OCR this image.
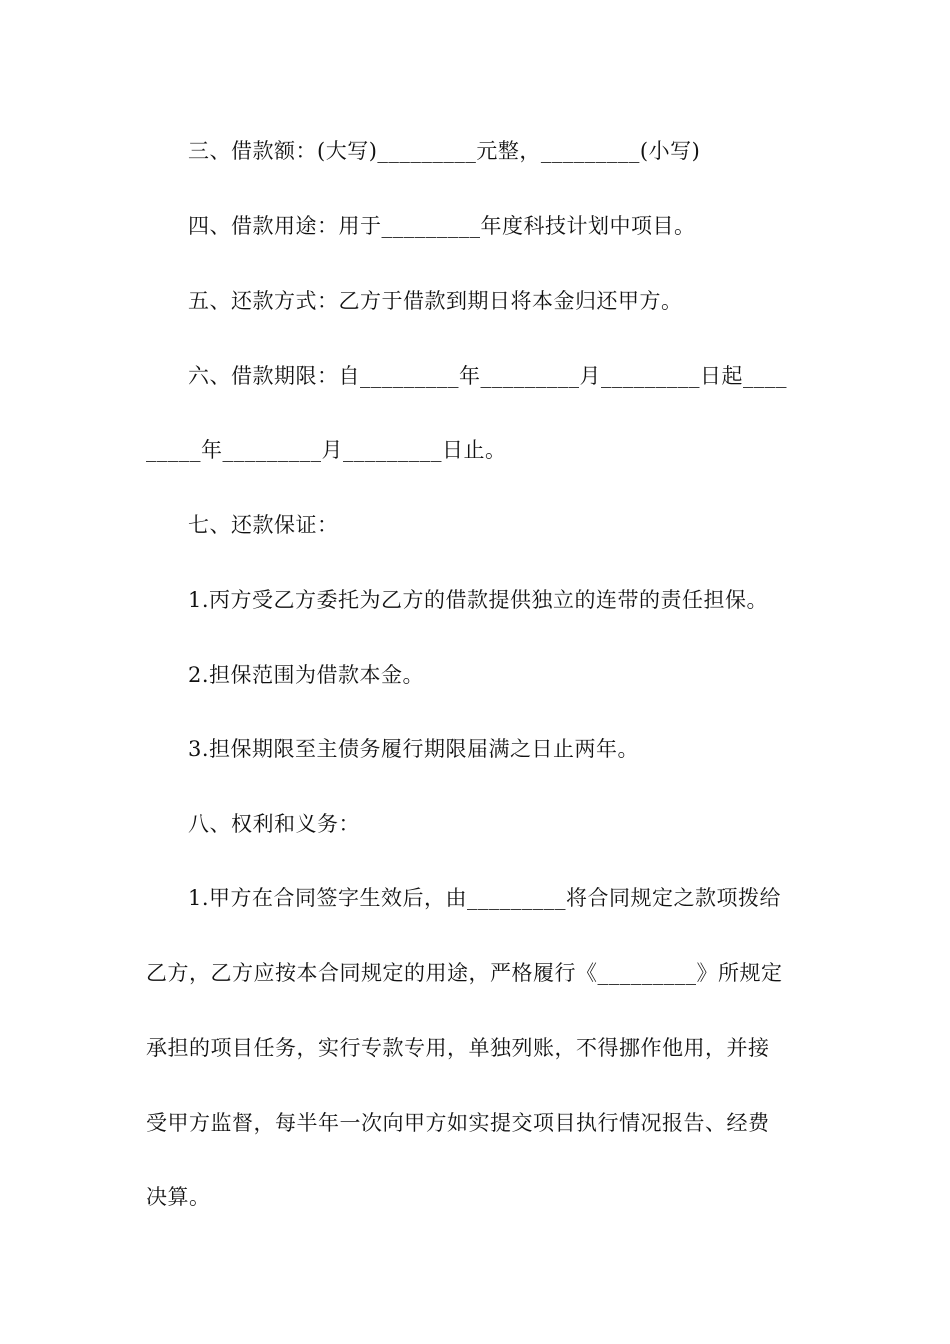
三、借款额：(大写)_________元整，_________(小写)
四、借款用途：用于_________年度科技计划中项目。
五、还款方式：乙方于借款到期日将本金归还甲方。
六、借款期限：自_________年_________月_________日起____
_____年_________月_________日止。
七、还款保证：
1.丙方受乙方委托为乙方的借款提供独立的连带的责任担保。
2.担保范围为借款本金。
3.担保期限至主债务履行期限届满之日止两年。
八、权利和义务：
1.甲方在合同签字生效后，由_________将合同规定之款项拨给
乙方，乙方应按本合同规定的用途，严格履行《_________》所规定
承担的项目任务，实行专款专用，单独列账，不得挪作他用，并接
受甲方监督，每半年一次向甲方如实提交项目执行情况报告、经费
决算。
